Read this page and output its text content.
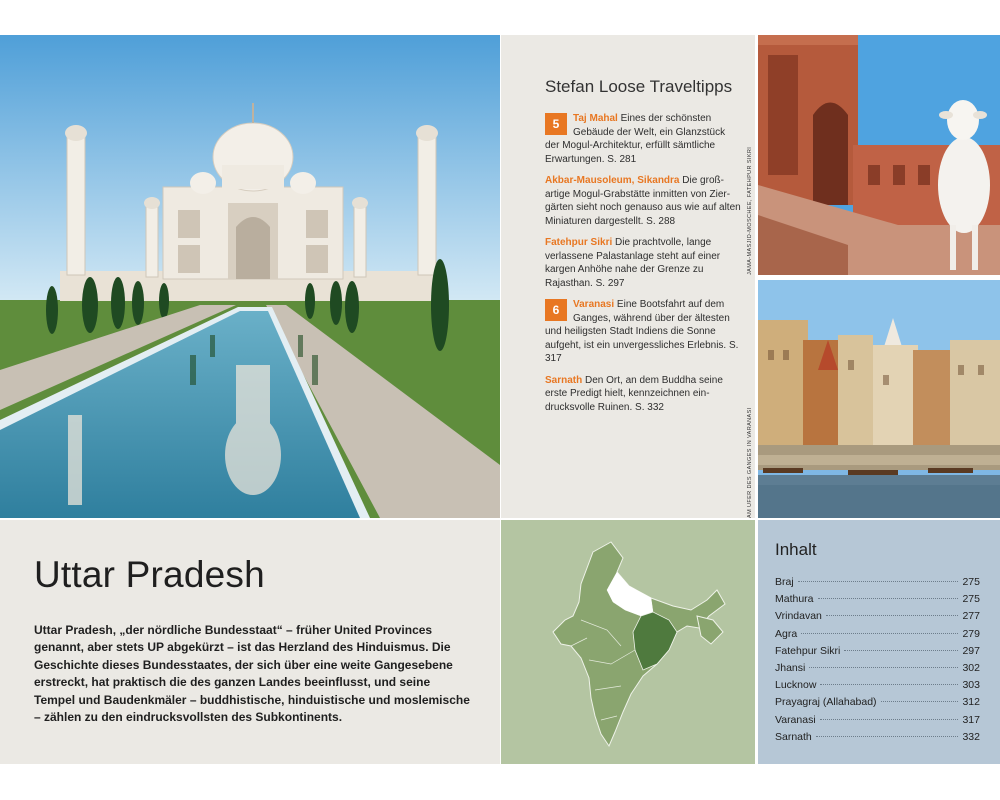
Stefan Loose Traveltipps
5	Taj Mahal Eines der schönsten Gebäude der Welt, ein Glanzstück der Mogul-Architektur, erfüllt sämtliche Erwartungen. S. 281
Akbar-Mausoleum, Sikandra Die großartige Mogul-Grabstätte inmitten von Ziergärten sieht noch genauso aus wie auf alten Miniaturen dargestellt. S. 288
Fatehpur Sikri Die prachtvolle, lange verlassene Palastanlage steht auf einer kargen Anhöhe nahe der Grenze zu Rajasthan. S. 297
6	Varanasi Eine Bootsfahrt auf dem Ganges, während über der ältesten und heiligsten Stadt Indiens die Sonne aufgeht, ist ein unvergessliches Erlebnis. S. 317
Sarnath Den Ort, an dem Buddha seine erste Predigt hielt, kennzeichnen eindrucksvolle Ruinen. S. 332
JAMA-MASJID-MOSCHEE, FATEHPUR SIKRI
AM UFER DES GANGES IN VARANASI
Uttar Pradesh

Uttar Pradesh, „der nördliche Bundesstaat“ – früher United Provinces genannt, aber stets UP abgekürzt – ist das Herzland des Hinduismus. Die Geschichte dieses Bundesstaates, der sich über eine weite Gangesebene erstreckt, hat praktisch die des ganzen Landes beeinflusst, und seine Tempel und Baudenkmäler – buddhistische, hinduistische und moslemische – zählen zu den eindrucksvollsten des Subkontinents.

Inhalt
Braj	275
Mathura	275
Vrindavan	277
Agra	279
Fatehpur Sikri	297
Jhansi	302
Lucknow	303
Prayagraj (Allahabad)	312
Varanasi	317
Sarnath	332
